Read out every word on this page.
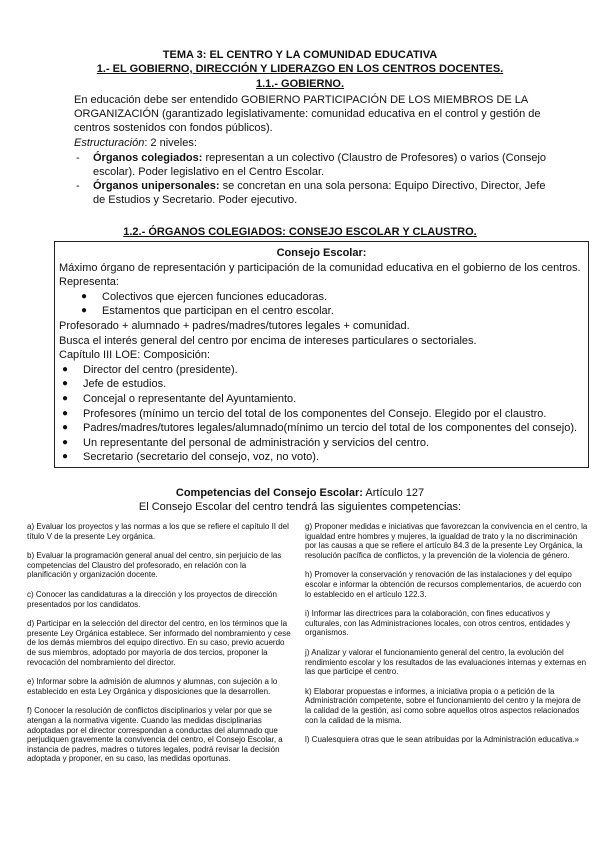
TEMA 3: EL CENTRO Y LA COMUNIDAD EDUCATIVA
1.- EL GOBIERNO, DIRECCIÓN Y LIDERAZGO EN LOS CENTROS DOCENTES.
1.1.- GOBIERNO.
En educación debe ser entendido GOBIERNO PARTICIPACIÓN DE LOS MIEMBROS DE LA ORGANIZACIÓN (garantizado legislativamente: comunidad educativa en el control y gestión de centros sostenidos con fondos públicos).
Estructuración: 2 niveles:
- Órganos colegiados: representan a un colectivo (Claustro de Profesores) o varios (Consejo escolar). Poder legislativo en el Centro Escolar.
- Órganos unipersonales: se concretan en una sola persona: Equipo Directivo, Director, Jefe de Estudios y Secretario. Poder ejecutivo.
1.2.- ÓRGANOS COLEGIADOS: CONSEJO ESCOLAR Y CLAUSTRO.
Consejo Escolar:
Máximo órgano de representación y participación de la comunidad educativa en el gobierno de los centros.
Representa:
● Colectivos que ejercen funciones educadoras.
● Estamentos que participan en el centro escolar.
Profesorado + alumnado + padres/madres/tutores legales + comunidad.
Busca el interés general del centro por encima de intereses particulares o sectoriales.
Capítulo III LOE: Composición:
● Director del centro (presidente).
● Jefe de estudios.
● Concejal o representante del Ayuntamiento.
● Profesores (mínimo un tercio del total de los componentes del Consejo. Elegido por el claustro.
● Padres/madres/tutores legales/alumnado(mínimo un tercio del total de los componentes del consejo).
● Un representante del personal de administración y servicios del centro.
● Secretario (secretario del consejo, voz, no voto).
Competencias del Consejo Escolar: Artículo 127
El Consejo Escolar del centro tendrá las siguientes competencias:

a) Evaluar los proyectos y las normas a los que se refiere el capítulo II del título V de la presente Ley orgánica.

b) Evaluar la programación general anual del centro, sin perjuicio de las competencias del Claustro del profesorado, en relación con la planificación y organización docente.

c) Conocer las candidaturas a la dirección y los proyectos de dirección presentados por los candidatos.

d) Participar en la selección del director del centro, en los términos que la presente Ley Orgánica establece. Ser informado del nombramiento y cese de los demás miembros del equipo directivo. En su caso, previo acuerdo de sus miembros, adoptado por mayoría de dos tercios, proponer la revocación del nombramiento del director.

e) Informar sobre la admisión de alumnos y alumnas, con sujeción a lo establecido en esta Ley Orgánica y disposiciones que la desarrollen.

f) Conocer la resolución de conflictos disciplinarios y velar por que se atengan a la normativa vigente. Cuando las medidas disciplinarias adoptadas por el director correspondan a conductas del alumnado que perjudiquen gravemente la convivencia del centro, el Consejo Escolar, a instancia de padres, madres o tutores legales, podrá revisar la decisión adoptada y proponer, en su caso, las medidas oportunas.

g) Proponer medidas e iniciativas que favorezcan la convivencia en el centro, la igualdad entre hombres y mujeres, la igualdad de trato y la no discriminación por las causas a que se refiere el artículo 84.3 de la presente Ley Orgánica, la resolución pacífica de conflictos, y la prevención de la violencia de género.

h) Promover la conservación y renovación de las instalaciones y del equipo escolar e informar la obtención de recursos complementarios, de acuerdo con lo establecido en el artículo 122.3.

i) Informar las directrices para la colaboración, con fines educativos y culturales, con las Administraciones locales, con otros centros, entidades y organismos.

j) Analizar y valorar el funcionamiento general del centro, la evolución del rendimiento escolar y los resultados de las evaluaciones internas y externas en las que participe el centro.

k) Elaborar propuestas e informes, a iniciativa propia o a petición de la Administración competente, sobre el funcionamiento del centro y la mejora de la calidad de la gestión, así como sobre aquellos otros aspectos relacionados con la calidad de la misma.

l) Cualesquiera otras que le sean atribuidas por la Administración educativa.»
